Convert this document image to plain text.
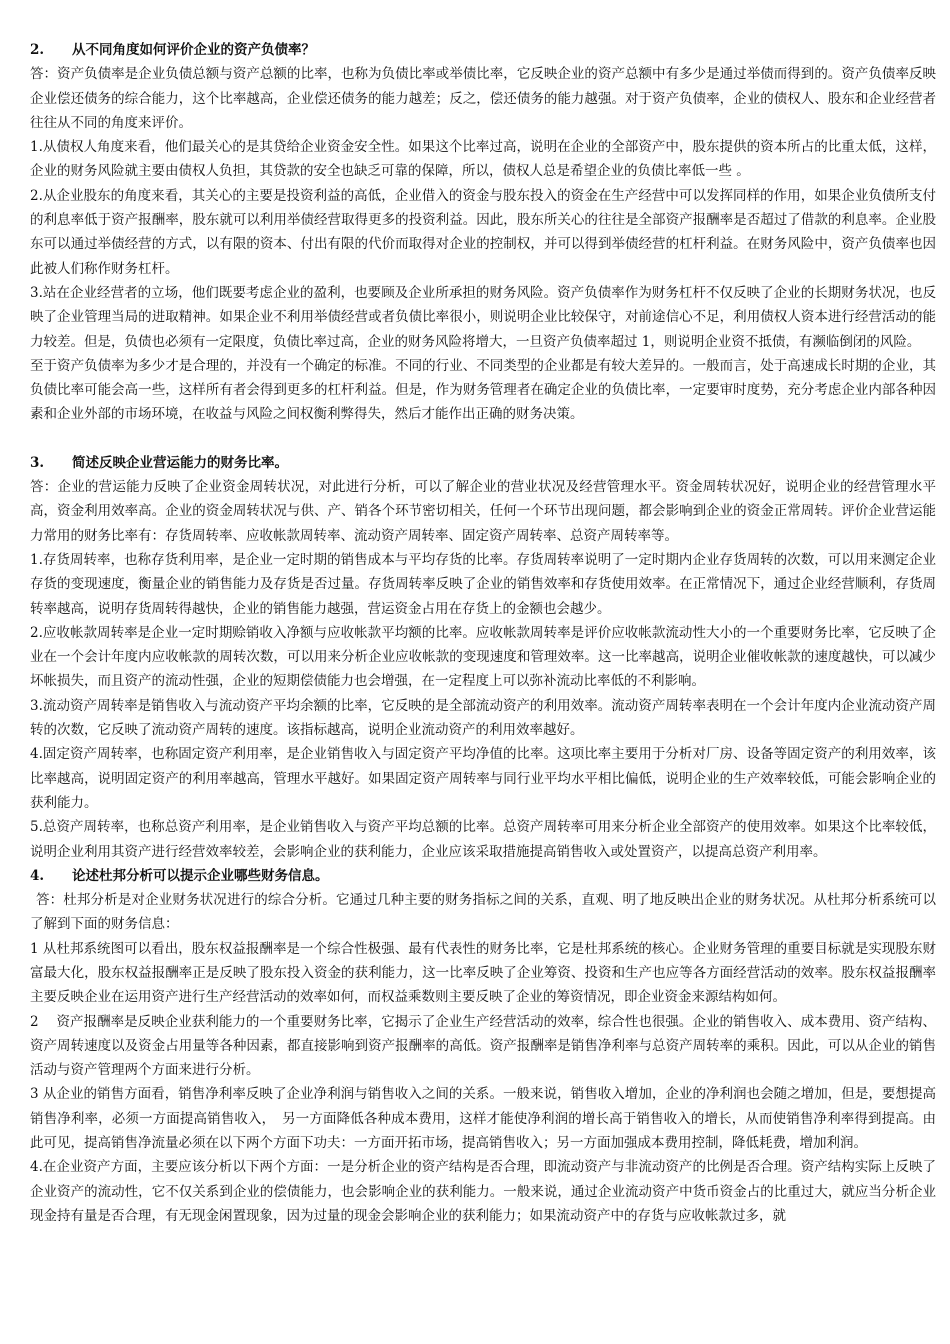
2. 从不同角度如何评价企业的资产负债率？

答：资产负债率是企业负债总额与资产总额的比率，也称为负债比率或举债比率，它反映企业的资产总额中有多少是通过举债而得到的。资产负债率反映企业偿还债务的综合能力，这个比率越高，企业偿还债务的能力越差；反之，偿还债务的能力越强。对于资产负债率，企业的债权人、股东和企业经营者往往从不同的角度来评价。

1.从债权人角度来看，他们最关心的是其贷给企业资金安全性。如果这个比率过高，说明在企业的全部资产中，股东提供的资本所占的比重太低，这样，企业的财务风险就主要由债权人负担，其贷款的安全也缺乏可靠的保障，所以，债权人总是希望企业的负债比率低一些 。

2.从企业股东的角度来看，其关心的主要是投资利益的高低，企业借入的资金与股东投入的资金在生产经营中可以发挥同样的作用，如果企业负债所支付的利息率低于资产报酬率，股东就可以利用举债经营取得更多的投资利益。因此，股东所关心的往往是全部资产报酬率是否超过了借款的利息率。企业股东可以通过举债经营的方式，以有限的资本、付出有限的代价而取得对企业的控制权，并可以得到举债经营的杠杆利益。在财务风险中，资产负债率也因此被人们称作财务杠杆。

3.站在企业经营者的立场，他们既要考虑企业的盈利，也要顾及企业所承担的财务风险。资产负债率作为财务杠杆不仅反映了企业的长期财务状况，也反映了企业管理当局的进取精神。如果企业不利用举债经营或者负债比率很小，则说明企业比较保守，对前途信心不足，利用债权人资本进行经营活动的能力较差。但是，负债也必须有一定限度，负债比率过高，企业的财务风险将增大，一旦资产负债率超过 1，则说明企业资不抵债，有濒临倒闭的风险。

至于资产负债率为多少才是合理的，并没有一个确定的标准。不同的行业、不同类型的企业都是有较大差异的。一般而言，处于高速成长时期的企业，其负债比率可能会高一些，这样所有者会得到更多的杠杆利益。但是，作为财务管理者在确定企业的负债比率，一定要审时度势，充分考虑企业内部各种因素和企业外部的市场环境，在收益与风险之间权衡利弊得失，然后才能作出正确的财务决策。

3. 简述反映企业营运能力的财务比率。

答：企业的营运能力反映了企业资金周转状况，对此进行分析，可以了解企业的营业状况及经营管理水平。资金周转状况好，说明企业的经营管理水平高，资金利用效率高。企业的资金周转状况与供、产、销各个环节密切相关，任何一个环节出现问题，都会影响到企业的资金正常周转。评价企业营运能力常用的财务比率有：存货周转率、应收帐款周转率、流动资产周转率、固定资产周转率、总资产周转率等。

1.存货周转率，也称存货利用率，是企业一定时期的销售成本与平均存货的比率。存货周转率说明了一定时期内企业存货周转的次数，可以用来测定企业存货的变现速度，衡量企业的销售能力及存货是否过量。存货周转率反映了企业的销售效率和存货使用效率。在正常情况下，通过企业经营顺利，存货周转率越高，说明存货周转得越快，企业的销售能力越强，营运资金占用在存货上的金额也会越少。

2.应收帐款周转率是企业一定时期赊销收入净额与应收帐款平均额的比率。应收帐款周转率是评价应收帐款流动性大小的一个重要财务比率，它反映了企业在一个会计年度内应收帐款的周转次数，可以用来分析企业应收帐款的变现速度和管理效率。这一比率越高，说明企业催收帐款的速度越快，可以减少坏帐损失，而且资产的流动性强，企业的短期偿债能力也会增强，在一定程度上可以弥补流动比率低的不利影响。

3.流动资产周转率是销售收入与流动资产平均余额的比率，它反映的是全部流动资产的利用效率。流动资产周转率表明在一个会计年度内企业流动资产周转的次数，它反映了流动资产周转的速度。该指标越高，说明企业流动资产的利用效率越好。

4.固定资产周转率，也称固定资产利用率，是企业销售收入与固定资产平均净值的比率。这项比率主要用于分析对厂房、设备等固定资产的利用效率，该比率越高，说明固定资产的利用率越高，管理水平越好。如果固定资产周转率与同行业平均水平相比偏低，说明企业的生产效率较低，可能会影响企业的获利能力。

5.总资产周转率，也称总资产利用率，是企业销售收入与资产平均总额的比率。总资产周转率可用来分析企业全部资产的使用效率。如果这个比率较低，说明企业利用其资产进行经营效率较差，会影响企业的获利能力，企业应该采取措施提高销售收入或处置资产，以提高总资产利用率。

4. 论述杜邦分析可以提示企业哪些财务信息。

答：杜邦分析是对企业财务状况进行的综合分析。它通过几种主要的财务指标之间的关系，直观、明了地反映出企业的财务状况。从杜邦分析系统可以了解到下面的财务信息：

1 从杜邦系统图可以看出，股东权益报酬率是一个综合性极强、最有代表性的财务比率，它是杜邦系统的核心。企业财务管理的重要目标就是实现股东财富最大化，股东权益报酬率正是反映了股东投入资金的获利能力，这一比率反映了企业筹资、投资和生产也应等各方面经营活动的效率。股东权益报酬率主要反映企业在运用资产进行生产经营活动的效率如何，而权益乘数则主要反映了企业的筹资情况，即企业资金来源结构如何。

2　 资产报酬率是反映企业获利能力的一个重要财务比率，它揭示了企业生产经营活动的效率，综合性也很强。企业的销售收入、成本费用、资产结构、资产周转速度以及资金占用量等各种因素，都直接影响到资产报酬率的高低。资产报酬率是销售净利率与总资产周转率的乘积。因此，可以从企业的销售活动与资产管理两个方面来进行分析。

3 从企业的销售方面看，销售净利率反映了企业净利润与销售收入之间的关系。一般来说，销售收入增加，企业的净利润也会随之增加，但是，要想提高销售净利率，必须一方面提高销售收入，　另一方面降低各种成本费用，这样才能使净利润的增长高于销售收入的增长，从而使销售净利率得到提高。由此可见，提高销售净流量必须在以下两个方面下功夫：一方面开拓市场，提高销售收入；另一方面加强成本费用控制，降低耗费，增加利润。

4.在企业资产方面，主要应该分析以下两个方面：一是分析企业的资产结构是否合理，即流动资产与非流动资产的比例是否合理。资产结构实际上反映了企业资产的流动性，它不仅关系到企业的偿债能力，也会影响企业的获利能力。一般来说，通过企业流动资产中货币资金占的比重过大，就应当分析企业现金持有量是否合理，有无现金闲置现象，因为过量的现金会影响企业的获利能力；如果流动资产中的存货与应收帐款过多，就
